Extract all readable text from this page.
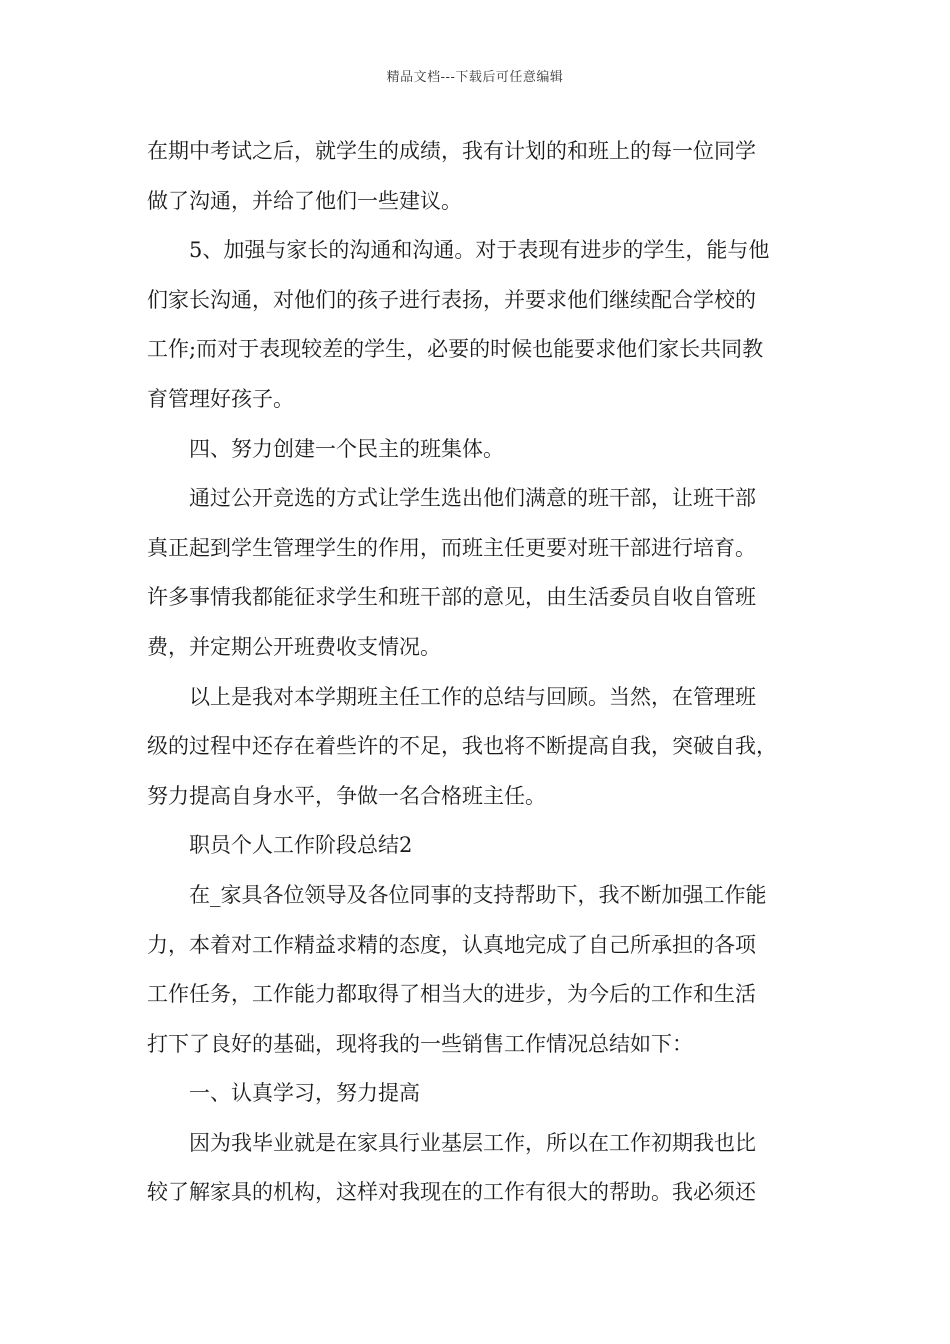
精品文档---下载后可任意编辑
在期中考试之后，就学生的成绩，我有计划的和班上的每一位同学
做了沟通，并给了他们一些建议。
5、加强与家长的沟通和沟通。对于表现有进步的学生，能与他
们家长沟通，对他们的孩子进行表扬，并要求他们继续配合学校的
工作;而对于表现较差的学生，必要的时候也能要求他们家长共同教
育管理好孩子。
四、努力创建一个民主的班集体。
通过公开竞选的方式让学生选出他们满意的班干部，让班干部
真正起到学生管理学生的作用，而班主任更要对班干部进行培育。
许多事情我都能征求学生和班干部的意见，由生活委员自收自管班
费，并定期公开班费收支情况。
以上是我对本学期班主任工作的总结与回顾。当然，在管理班
级的过程中还存在着些许的不足，我也将不断提高自我，突破自我，
努力提高自身水平，争做一名合格班主任。
职员个人工作阶段总结2
在_家具各位领导及各位同事的支持帮助下，我不断加强工作能
力，本着对工作精益求精的态度，认真地完成了自己所承担的各项
工作任务，工作能力都取得了相当大的进步，为今后的工作和生活
打下了良好的基础，现将我的一些销售工作情况总结如下：
一、认真学习，努力提高
因为我毕业就是在家具行业基层工作，所以在工作初期我也比
较了解家具的机构，这样对我现在的工作有很大的帮助。我必须还
